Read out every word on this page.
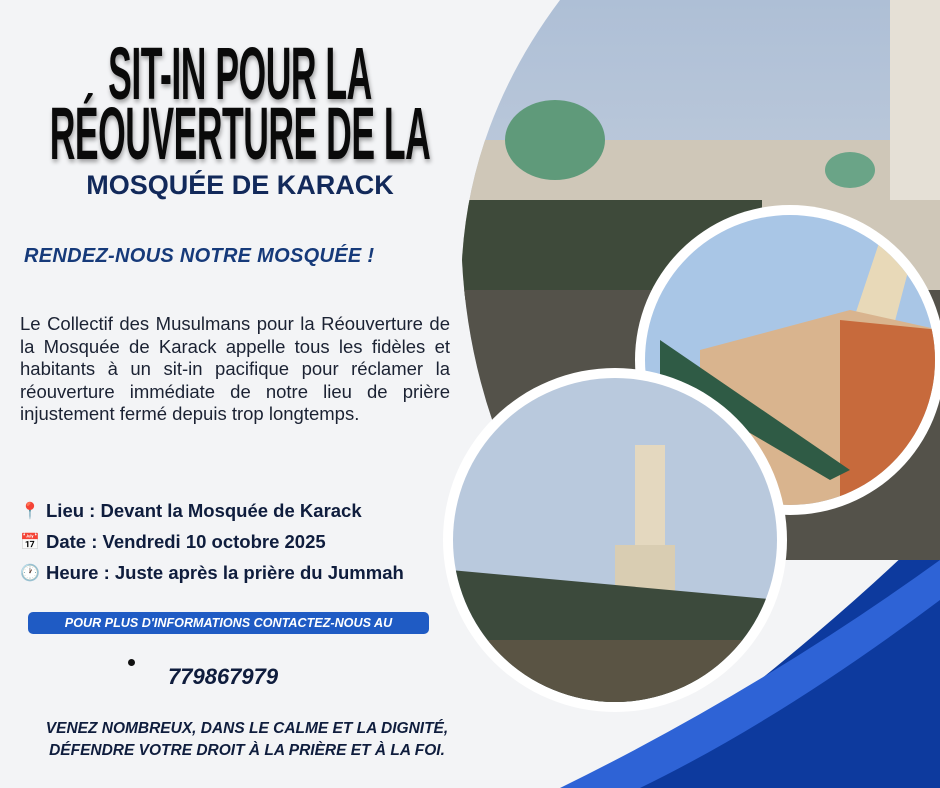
SIT-IN POUR LA
RÉOUVERTURE DE LA
MOSQUÉE DE KARACK
RENDEZ-NOUS NOTRE MOSQUÉE !
Le Collectif des Musulmans pour la Réouverture de la Mosquée de Karack appelle tous les fidèles et habitants à un sit-in pacifique pour réclamer la réouverture immédiate de notre lieu de prière injustement fermé depuis trop longtemps.
📍 Lieu : Devant la Mosquée de Karack
📅 Date : Vendredi 10 octobre 2025
🕐 Heure : Juste après la prière du Jummah
POUR PLUS D'INFORMATIONS CONTACTEZ-NOUS AU
779867979
VENEZ NOMBREUX, DANS LE CALME ET LA DIGNITÉ,
DÉFENDRE VOTRE DROIT À LA PRIÈRE ET À LA FOI.
